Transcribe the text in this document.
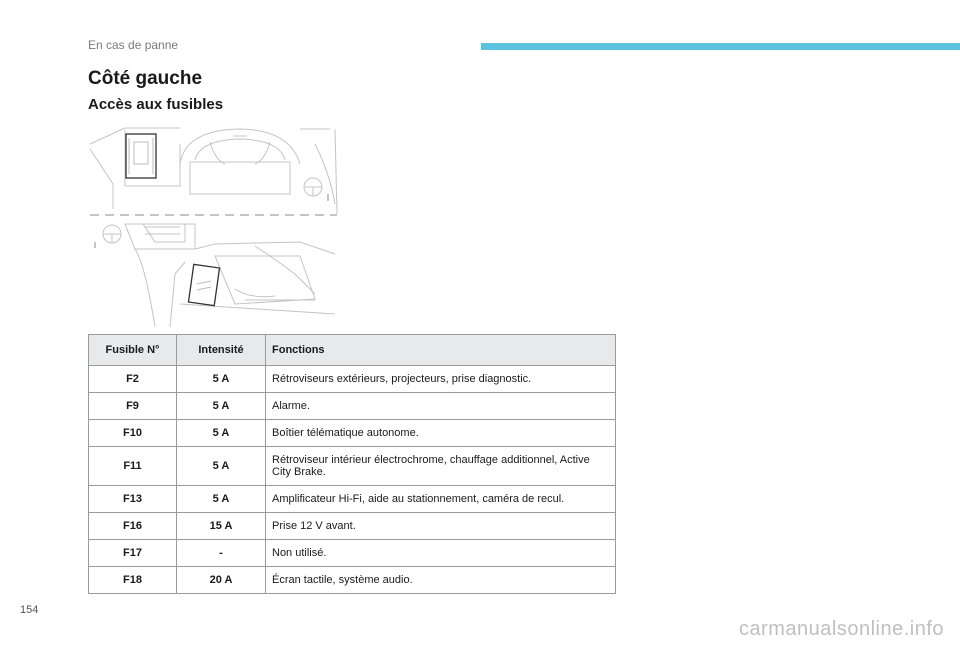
En cas de panne
Côté gauche
Accès aux fusibles
Fusible N°	Intensité	Fonctions
F2	5 A	Rétroviseurs extérieurs, projecteurs, prise diagnostic.
F9	5 A	Alarme.
F10	5 A	Boîtier télématique autonome.
F11	5 A	Rétroviseur intérieur électrochrome, chauffage additionnel, Active City Brake.
F13	5 A	Amplificateur Hi-Fi, aide au stationnement, caméra de recul.
F16	15 A	Prise 12 V avant.
F17	-	Non utilisé.
F18	20 A	Écran tactile, système audio.
154
carmanualsonline.info
